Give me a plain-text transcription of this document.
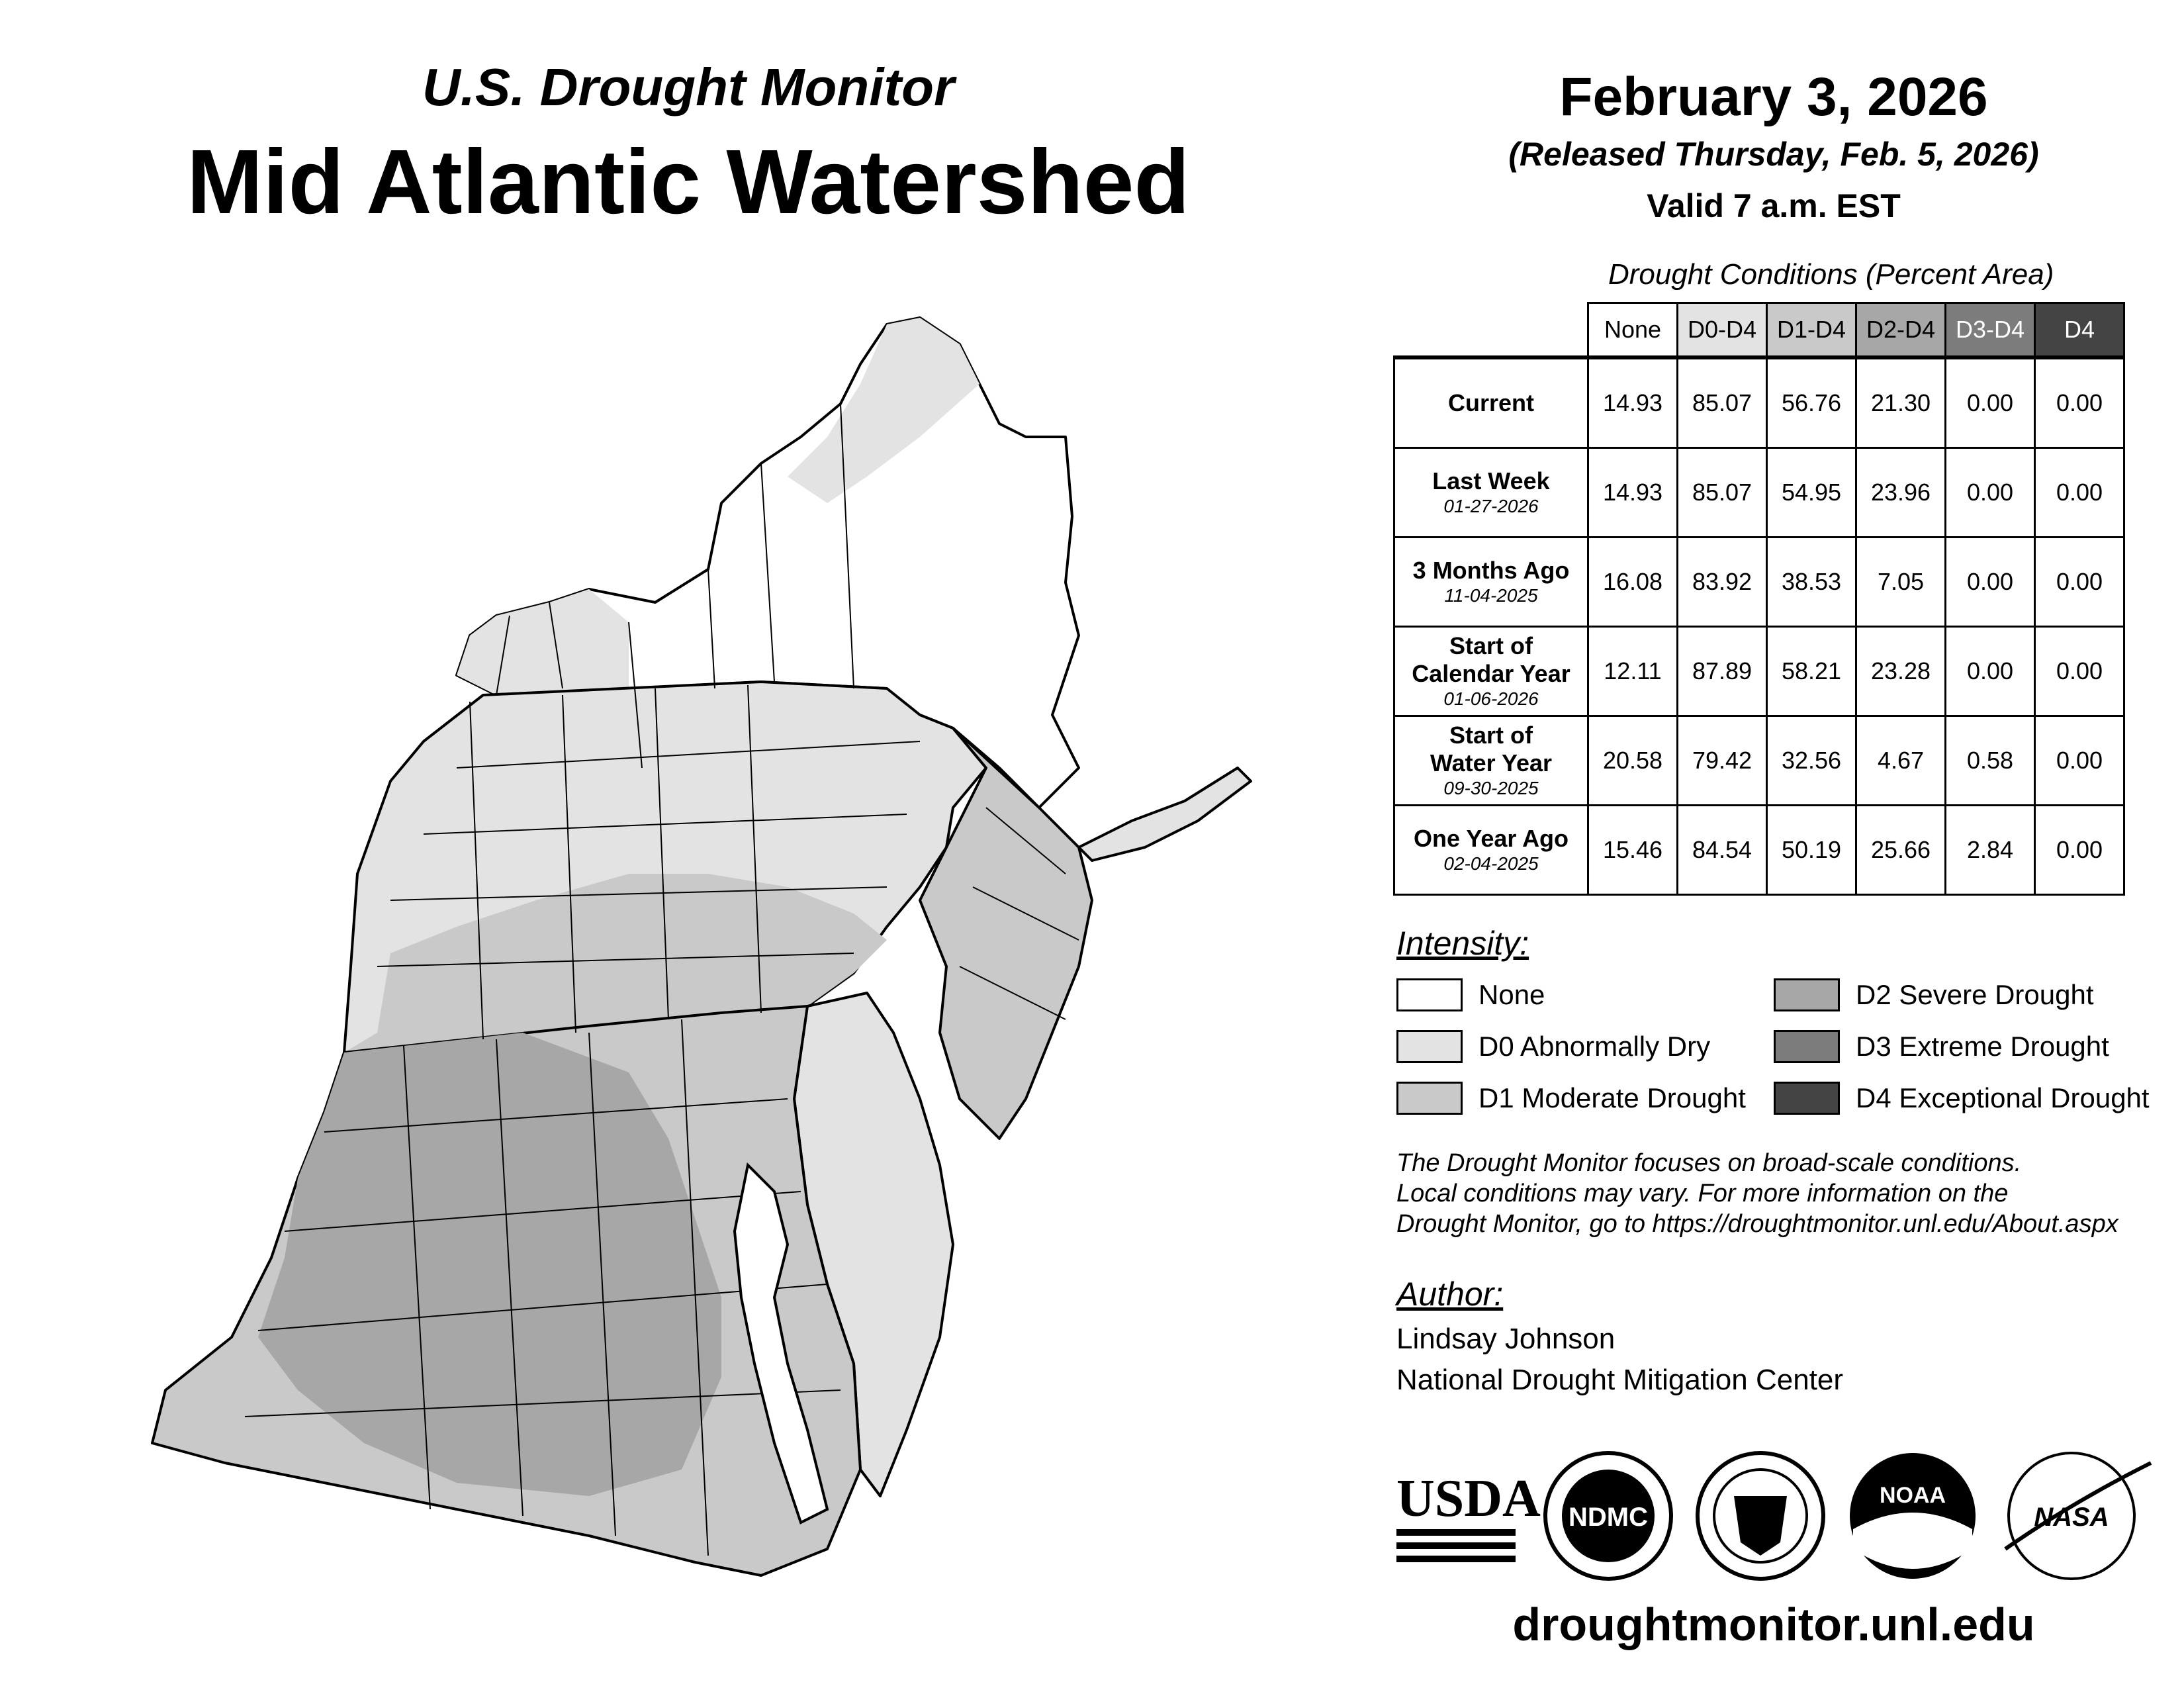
U.S. Drought Monitor
Mid Atlantic Watershed
February 3, 2026
(Released Thursday, Feb. 5, 2026)
Valid 7 a.m. EST
Drought Conditions (Percent Area)
	None	D0-D4	D1-D4	D2-D4	D3-D4	D4

Current	14.93	85.07	56.76	21.30	0.00	0.00

Last Week
01-27-2026	14.93	85.07	54.95	23.96	0.00	0.00

3 Months Ago
11-04-2025	16.08	83.92	38.53	7.05	0.00	0.00

Start of
Calendar Year
01-06-2026	12.11	87.89	58.21	23.28	0.00	0.00

Start of
Water Year
09-30-2025	20.58	79.42	32.56	4.67	0.58	0.00

One Year Ago
02-04-2025	15.46	84.54	50.19	25.66	2.84	0.00
Intensity:
None
D0 Abnormally Dry
D1 Moderate Drought
D2 Severe Drought
D3 Extreme Drought
D4 Exceptional Drought
The Drought Monitor focuses on broad-scale conditions.
Local conditions may vary. For more information on the
Drought Monitor, go to https://droughtmonitor.unl.edu/About.aspx
Author:
Lindsay Johnson
National Drought Mitigation Center
USDA NDMC
NOAA
NASA
droughtmonitor.unl.edu
